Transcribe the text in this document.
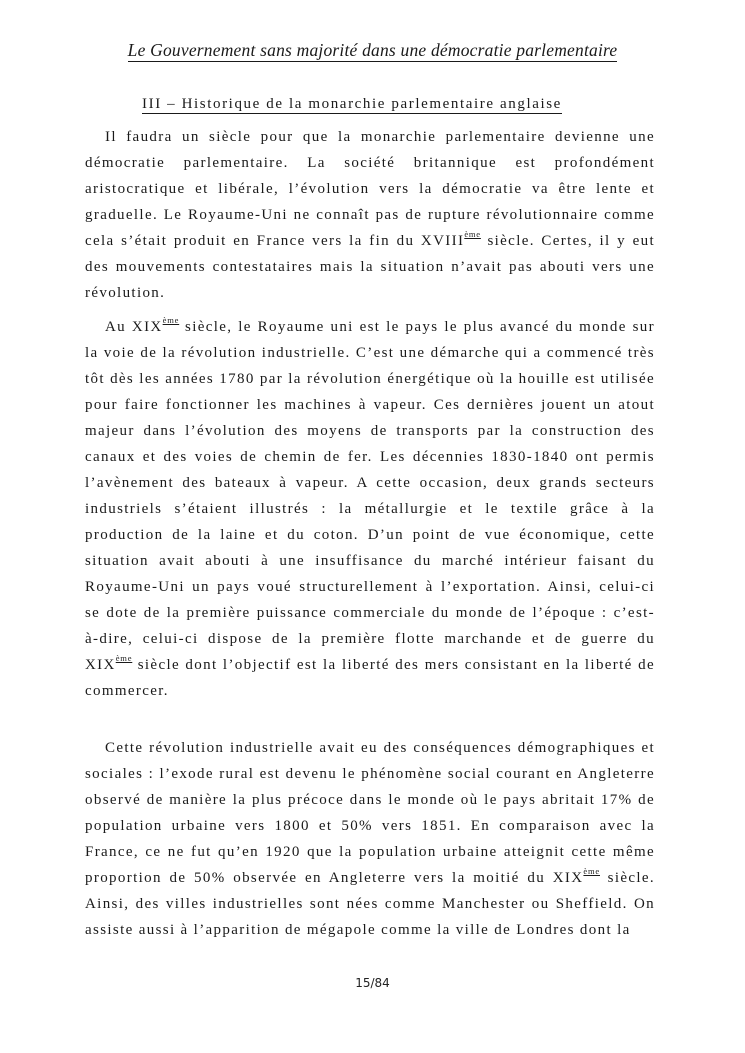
Le Gouvernement sans majorité dans une démocratie parlementaire
III – Historique de la monarchie parlementaire anglaise

Il faudra un siècle pour que la monarchie parlementaire devienne une démocratie parlementaire. La société britannique est profondément aristocratique et libérale, l’évolution vers la démocratie va être lente et graduelle. Le Royaume-Uni ne connaît pas de rupture révolutionnaire comme cela s’était produit en France vers la fin du XVIIIème siècle. Certes, il y eut des mouvements contestataires mais la situation n’avait pas abouti vers une révolution.

Au XIXème siècle, le Royaume uni est le pays le plus avancé du monde sur la voie de la révolution industrielle. C’est une démarche qui a commencé très tôt dès les années 1780 par la révolution énergétique où la houille est utilisée pour faire fonctionner les machines à vapeur. Ces dernières jouent un atout majeur dans l’évolution des moyens de transports par la construction des canaux et des voies de chemin de fer. Les décennies 1830-1840 ont permis l’avènement des bateaux à vapeur. A cette occasion, deux grands secteurs industriels s’étaient illustrés : la métallurgie et le textile grâce à la production de la laine et du coton. D’un point de vue économique, cette situation avait abouti à une insuffisance du marché intérieur faisant du Royaume-Uni un pays voué structurellement à l’exportation. Ainsi, celui-ci se dote de la première puissance commerciale du monde de l’époque : c’est-à-dire, celui-ci dispose de la première flotte marchande et de guerre du XIXème siècle dont l’objectif est la liberté des mers consistant en la liberté de commercer.

Cette révolution industrielle avait eu des conséquences démographiques et sociales : l’exode rural est devenu le phénomène social courant en Angleterre observé de manière la plus précoce dans le monde où le pays abritait 17% de population urbaine vers 1800 et 50% vers 1851. En comparaison avec la France, ce ne fut qu’en 1920 que la population urbaine atteignit cette même proportion de 50% observée en Angleterre vers la moitié du XIXème siècle. Ainsi, des villes industrielles sont nées comme Manchester ou Sheffield. On assiste aussi à l’apparition de mégapole comme la ville de Londres dont la

15/84
